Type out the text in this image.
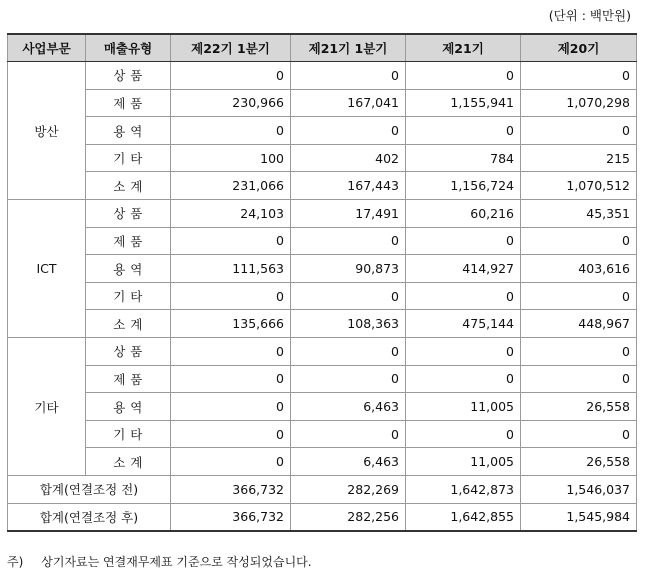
(단위 : 백만원)
사업부문	매출유형	제22기 1분기	제21기 1분기	제21기	제20기
방산	상 품	0	0	0	0
	제 품	230,966	167,041	1,155,941	1,070,298
	용 역	0	0	0	0
	기 타	100	402	784	215
	소 계	231,066	167,443	1,156,724	1,070,512
ICT	상 품	24,103	17,491	60,216	45,351
	제 품	0	0	0	0
	용 역	111,563	90,873	414,927	403,616
	기 타	0	0	0	0
	소 계	135,666	108,363	475,144	448,967
기타	상 품	0	0	0	0
	제 품	0	0	0	0
	용 역	0	6,463	11,005	26,558
	기 타	0	0	0	0
	소 계	0	6,463	11,005	26,558
합계(연결조정 전)		366,732	282,269	1,642,873	1,546,037
합계(연결조정 후)		366,732	282,256	1,642,855	1,545,984
주) 상기자료는 연결재무제표 기준으로 작성되었습니다.
